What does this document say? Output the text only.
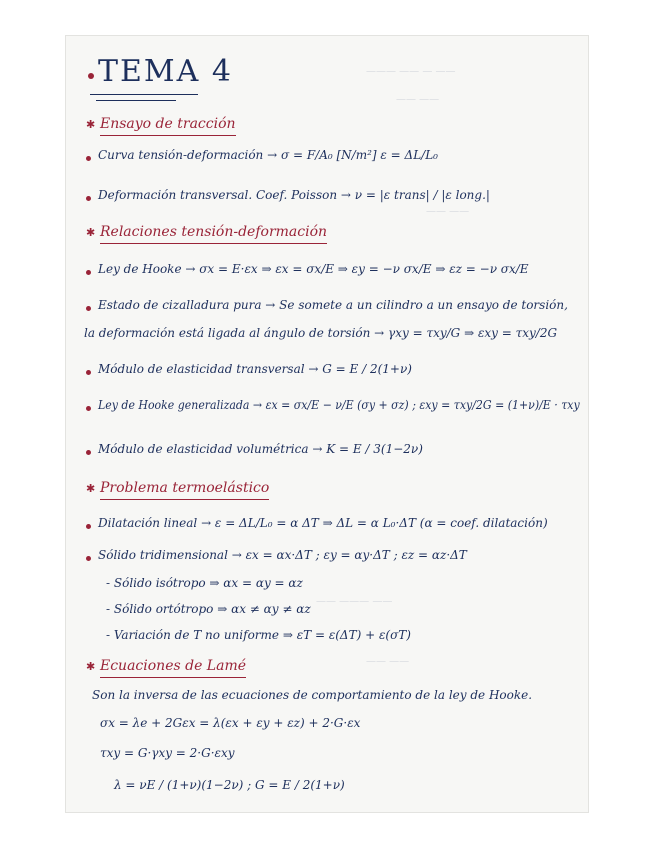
——— —— — ——
—— ——
—— ——
—— ——— ——
—— ——
TEMA 4
✱ Ensayo de tracción
Curva tensión-deformación → σ = F/A₀ [N/m²] ε = ΔL/L₀
Deformación transversal. Coef. Poisson → ν = |ε trans| / |ε long.|
✱ Relaciones tensión-deformación
Ley de Hooke → σx = E·εx ⇒ εx = σx/E ⇒ εy = −ν σx/E ⇒ εz = −ν σx/E
Estado de cizalladura pura → Se somete a un cilindro a un ensayo de torsión,
la deformación está ligada al ángulo de torsión → γxy = τxy/G ⇒ εxy = τxy/2G
Módulo de elasticidad transversal → G = E / 2(1+ν)
Ley de Hooke generalizada → εx = σx/E − ν/E (σy + σz) ; εxy = τxy/2G = (1+ν)/E · τxy
Módulo de elasticidad volumétrica → K = E / 3(1−2ν)
✱ Problema termoelástico
Dilatación lineal → ε = ΔL/L₀ = α ΔT ⇒ ΔL = α L₀·ΔT (α = coef. dilatación)
Sólido tridimensional → εx = αx·ΔT ; εy = αy·ΔT ; εz = αz·ΔT
- Sólido isótropo ⇒ αx = αy = αz
- Sólido ortótropo ⇒ αx ≠ αy ≠ αz
- Variación de T no uniforme ⇒ εT = ε(ΔT) + ε(σT)
✱ Ecuaciones de Lamé
Son la inversa de las ecuaciones de comportamiento de la ley de Hooke.
σx = λe + 2Gεx = λ(εx + εy + εz) + 2·G·εx
τxy = G·γxy = 2·G·εxy
λ = νE / (1+ν)(1−2ν) ; G = E / 2(1+ν)
